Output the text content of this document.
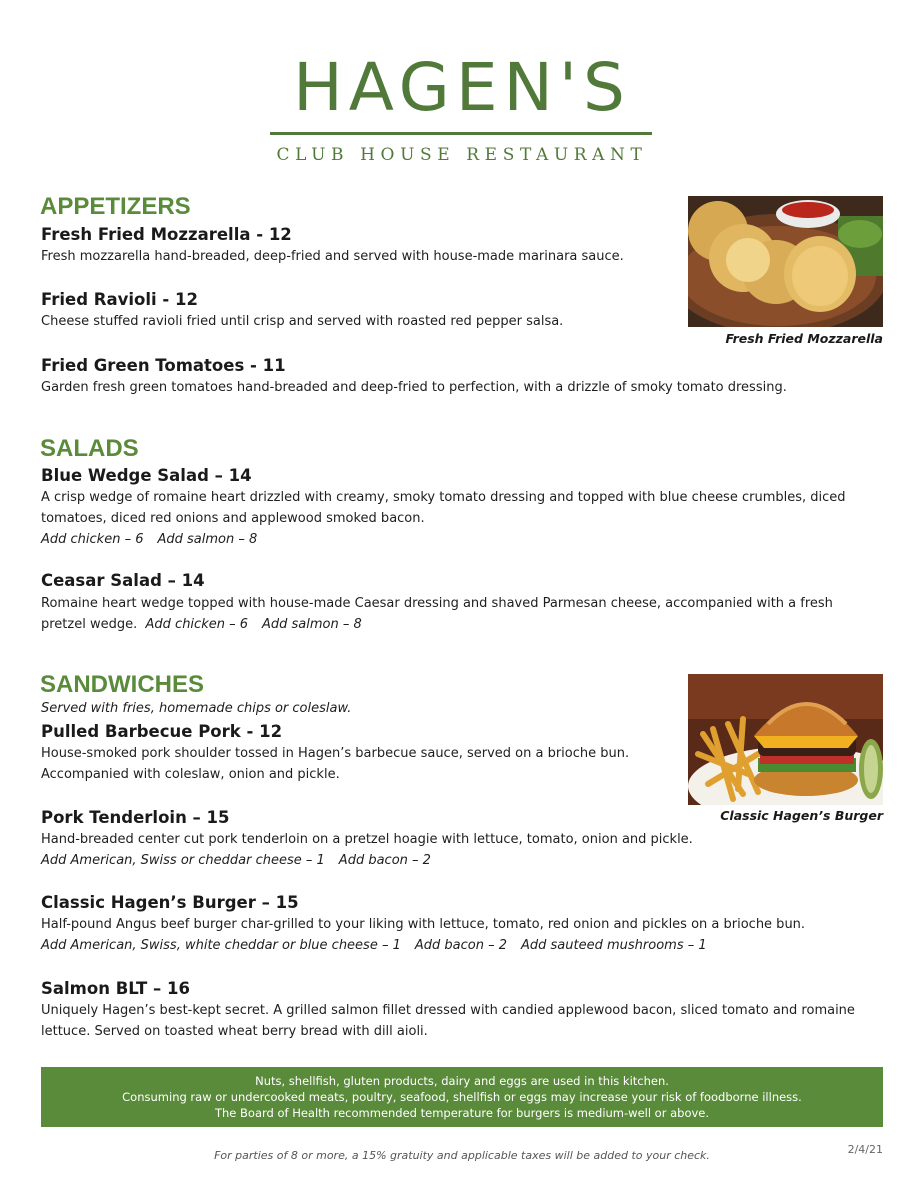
HAGEN'S
CLUB HOUSE RESTAURANT
APPETIZERS
Fresh Fried Mozzarella - 12
Fresh mozzarella hand-breaded, deep-fried and served with house-made marinara sauce.
Fried Ravioli - 12
Cheese stuffed ravioli fried until crisp and served with roasted red pepper salsa.
Fried Green Tomatoes - 11
Garden fresh green tomatoes hand-breaded and deep-fried to perfection, with a drizzle of smoky tomato dressing.
Fresh Fried Mozzarella
SALADS
Blue Wedge Salad – 14
A crisp wedge of romaine heart drizzled with creamy, smoky tomato dressing and topped with blue cheese crumbles, diced
tomatoes, diced red onions and applewood smoked bacon.
Add chicken – 6 Add salmon – 8
Ceasar Salad – 14
Romaine heart wedge topped with house-made Caesar dressing and shaved Parmesan cheese, accompanied with a fresh
pretzel wedge. Add chicken – 6 Add salmon – 8
SANDWICHES
Served with fries, homemade chips or coleslaw.
Pulled Barbecue Pork - 12
House-smoked pork shoulder tossed in Hagen’s barbecue sauce, served on a brioche bun.
Accompanied with coleslaw, onion and pickle.
Pork Tenderloin – 15
Hand-breaded center cut pork tenderloin on a pretzel hoagie with lettuce, tomato, onion and pickle.
Add American, Swiss or cheddar cheese – 1 Add bacon – 2
Classic Hagen’s Burger – 15
Half-pound Angus beef burger char-grilled to your liking with lettuce, tomato, red onion and pickles on a brioche bun.
Add American, Swiss, white cheddar or blue cheese – 1 Add bacon – 2 Add sauteed mushrooms – 1
Salmon BLT – 16
Uniquely Hagen’s best-kept secret. A grilled salmon fillet dressed with candied applewood bacon, sliced tomato and romaine
lettuce. Served on toasted wheat berry bread with dill aioli.
Classic Hagen’s Burger
Nuts, shellfish, gluten products, dairy and eggs are used in this kitchen.
Consuming raw or undercooked meats, poultry, seafood, shellfish or eggs may increase your risk of foodborne illness.
The Board of Health recommended temperature for burgers is medium-well or above.
2/4/21
For parties of 8 or more, a 15% gratuity and applicable taxes will be added to your check.
